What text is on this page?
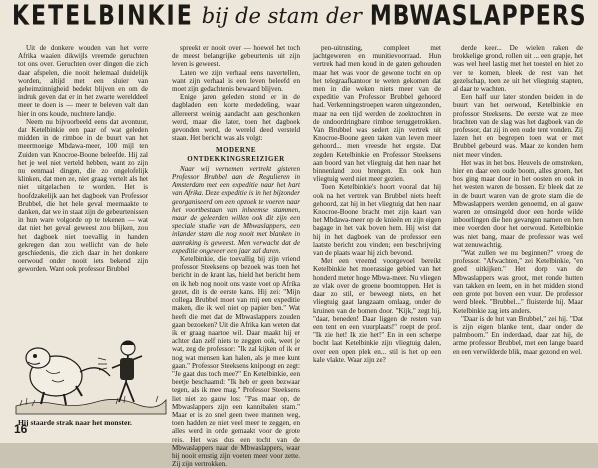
KETELBINKIE bij de stam der MBWASLAPPERS

Uit de donkere wouden van het verre Afrika waaien dikwijls vreemde geruchten tot ons over. Geruchten over dingen die zich daar afspelen, die nooit helemaal duidelijk worden, altijd met een sluier van geheimzinnigheid bedekt blijven en om de indruk geven dat er in het zwarte werelddeel meer te doen is — meer te beleven valt dan hier in ons koude, nuchtere landje.

Neem nu bijvoorbeeld eens dat avontuur, dat Ketelbinkie een paar of wat geleden midden in de rimboe in de buurt van het meermoeige Mbdawa-meer, 100 mijl ten Zuiden van Knocroe-Boone beleefde. Hij zal het je wel niet verteld hebben, want zo zijn nu eenmaal dingen, die zo ongelofelijk klinken, dat men ze, niet graag vertelt als het niet uitgelachen te worden. Het is hoofdzakelijk aan het dagboek van Professor Brubbel, die het hele geval meemaakte te danken, dat we in staat zijn de gebeurtenissen in hun ware volgorde op te tekenen — wat dat niet het geval geweest zou blijken, zou het dagboek niet toevallig in handen gekregen dan zou wellicht van de hele geschiedenis, die zich daar in het donkere oerwoud onder nooit iets bekend zijn geworden. Want ook professor Brubbel

spreekt er nooit over — hoewel het toch de meest belangrijke gebeurtenis uit zijn leven is geweest.

Laten we zijn verhaal eens navertellen, want zijn verhaal is een leven beleefd en moet zijn gedachtenis bewaard blijven.

Enige jaren geleden stond er in de dagbladen een korte mededeling, waar allereerst weinig aandacht aan geschonken werd, maar die later, toen het dagboek gevonden werd, de wereld deed versteld staan. Het bericht was als volgt:

MODERNE ONTDEKKINGSREIZIGER

Naar wij vernemen vertrekt gisteren Professor Brubbel aan de Regulieren in Amsterdam met een expeditie naar het hart van Afrika. Deze expeditie is in het bijzonder georganiseerd om een opzoek te voeren naar het voortbestaan van inheemse stammen, maar de geleerden willen ook dit zijn een speciale studie van de Mbwaslappers, een inlander stam die nog nooit met blanken in aanraking is geweest. Men verwacht dat de expeditie ongeveer een jaar zal duren.

Ketelbinkie, die toevallig bij zijn vriend professor Steeksens op bezoek was toen het bericht in de krant las, hield het bericht hem en ik heb nog nooit ons vaste voet op Afrika gezet, dit is de eerste kans. Hij zei: "Mijn collega Brubbel moet van mij een expeditie maken, die ik wel niet op papier ben." Wat heeft die met dat de Mbwaslappers zouden gaan bezoeken? Uit die Afrika kan weten dat ik er graag naartoe wil. Daar maakt hij er achter dan zelf niets te zeggen ook, weet je wat, zeg de professor: "Ik zal kijken of ik er nog wat mensen kan halen, als je mee kunt gaan." Professor Steeksens knipoogt en zegt: "Je gaat dus toch mee?" En Ketelbinkie, een beetje beschaamd: "Ik heb er geen bezwaar tegen, als ik mee mag." Professor Steeksens liet niet zo gauw los: "Pas maar op, de Mbwaslappers zijn een kannibalen stam." Maar er is zo snel geen twee mannen weg, toen hadden ze niet veel meer te zeggen, en alles werd in orde gemaakt voor de grote reis. Het was dus een tocht van de Mbwaslappers naar de Mbwaslappers, waar hij nooit ernstig zijn voeten meer voor zette. Zij zijn vertrokken.

pen-uitrusting, compleet met jachtgeweren en munitievoorraad. Hun vertrek had men koud in de gaten gehouden maar het was voor de gewone tocht en op het telegraafkantoor te weten gekomen dat men in die weken niets meer van de expeditie van Professor Brubbel gehoord had. Verkenningstroepen waren uitgezonden, maar na een tijd werden de zoektochten in de ondoordringbare rimboe teruggetrokken. Van Brubbel was sedert zijn vertrek uit Knocroe-Boone geen taken van leven meer gehoord... men vreesde het ergste. Dat zegden Ketelbinkie en Professor Steeksens aan boord van het vliegtuig dat hen naar het binnenland zou brengen. En ook hun vliegtuig werd niet meer gezien.

Toen Ketelbinkie's hoort vooral dat hij ook na het vertrek van Brubbel niets heeft gehoord, zat hij in het vliegtuig dat hen naar Knocroe-Boone bracht met zijn kaart van het Mbdawa-meer op de knieën en zijn eigen bagage in het vak boven hem. Hij wist dat hij in het dagboek van de professor een laatste bericht zou vinden; een beschrijving van de plaats waar hij zich bevond.

Met een vreemd voorgevoel bereikt Ketelbinkie het moerassige gebied van het honderd meter hoge Mbwa-meer. Nu vliegen ze vlak over de groene boomtoppen. Het is daar zo stil, er beweegt niets, en het vliegtuig gaat langzaam omlaag, onder de kruinen van de bomen door. "Kijk," zegt hij, "daar, beneden! Daar liggen de resten van een tent en een vuurplaats!" roept de prof. "Ik zie het! Ik zie het!" En in een scherpe bocht laat Ketelbinkie zijn vliegtuig dalen, over een open plek en... stil is het op een kale vlakte. Waar zijn ze?

derde keer... De wielen raken de brokkelige grond, rollen uit ... een grapje, het was wel heel lastig met het toestel en hiet zo ver te komen, bleek de rest van het gezelschap, toen ze uit het vliegtuig stapten, al daar te wachten.

Een half uur later stonden beiden in de buurt van het oerwoud, Ketelbinkie en professor Steeksens. De eerste wat ze mee brachten van de slag was het dagboek van de professor, dat zij in een oude tent vonden. Zij lazen het en begrepen toen wat er met Brubbel gebeurd was. Maar ze konden hem niet meer vinden.

Het was in het bos. Heuvels de omstreken, hier en daar een oude boom, alles groen, het bos ging maar door in het oosten en ook in het westen waren de bossen. Er bleek dat ze in de buurt waren van de grote stam die de Mbwaslappers werden genoemd, en al gauw waren ze omsingeld door een horde wilde inboorlingen die hen gevangen namen en hen mee voerden door het oerwoud. Ketelbinkie was niet bang, maar de professor was wel wat zenuwachtig.

"Wat zullen we nu beginnen?" vroeg de professor. "Afwachten," zei Ketelbinkie, "en goed uitkijken." Het dorp van de Mbwaslappers was groot, met ronde hutten van takken en leem, en in het midden stond een grote pot boven een vuur. De professor werd bleek. "Brubbel..." fluisterde hij. Maar Ketelbinkie zag iets anders.

"Daar is de hut van Brubbel," zei hij. "Dat is zijn eigen blanke tent, daar onder de palmboom." En inderdaad, daar zat hij, de arme professor Brubbel, met een lange baard en een verwilderde blik, maar gezond en wel.

Hij staarde strak naar het monster.
16
